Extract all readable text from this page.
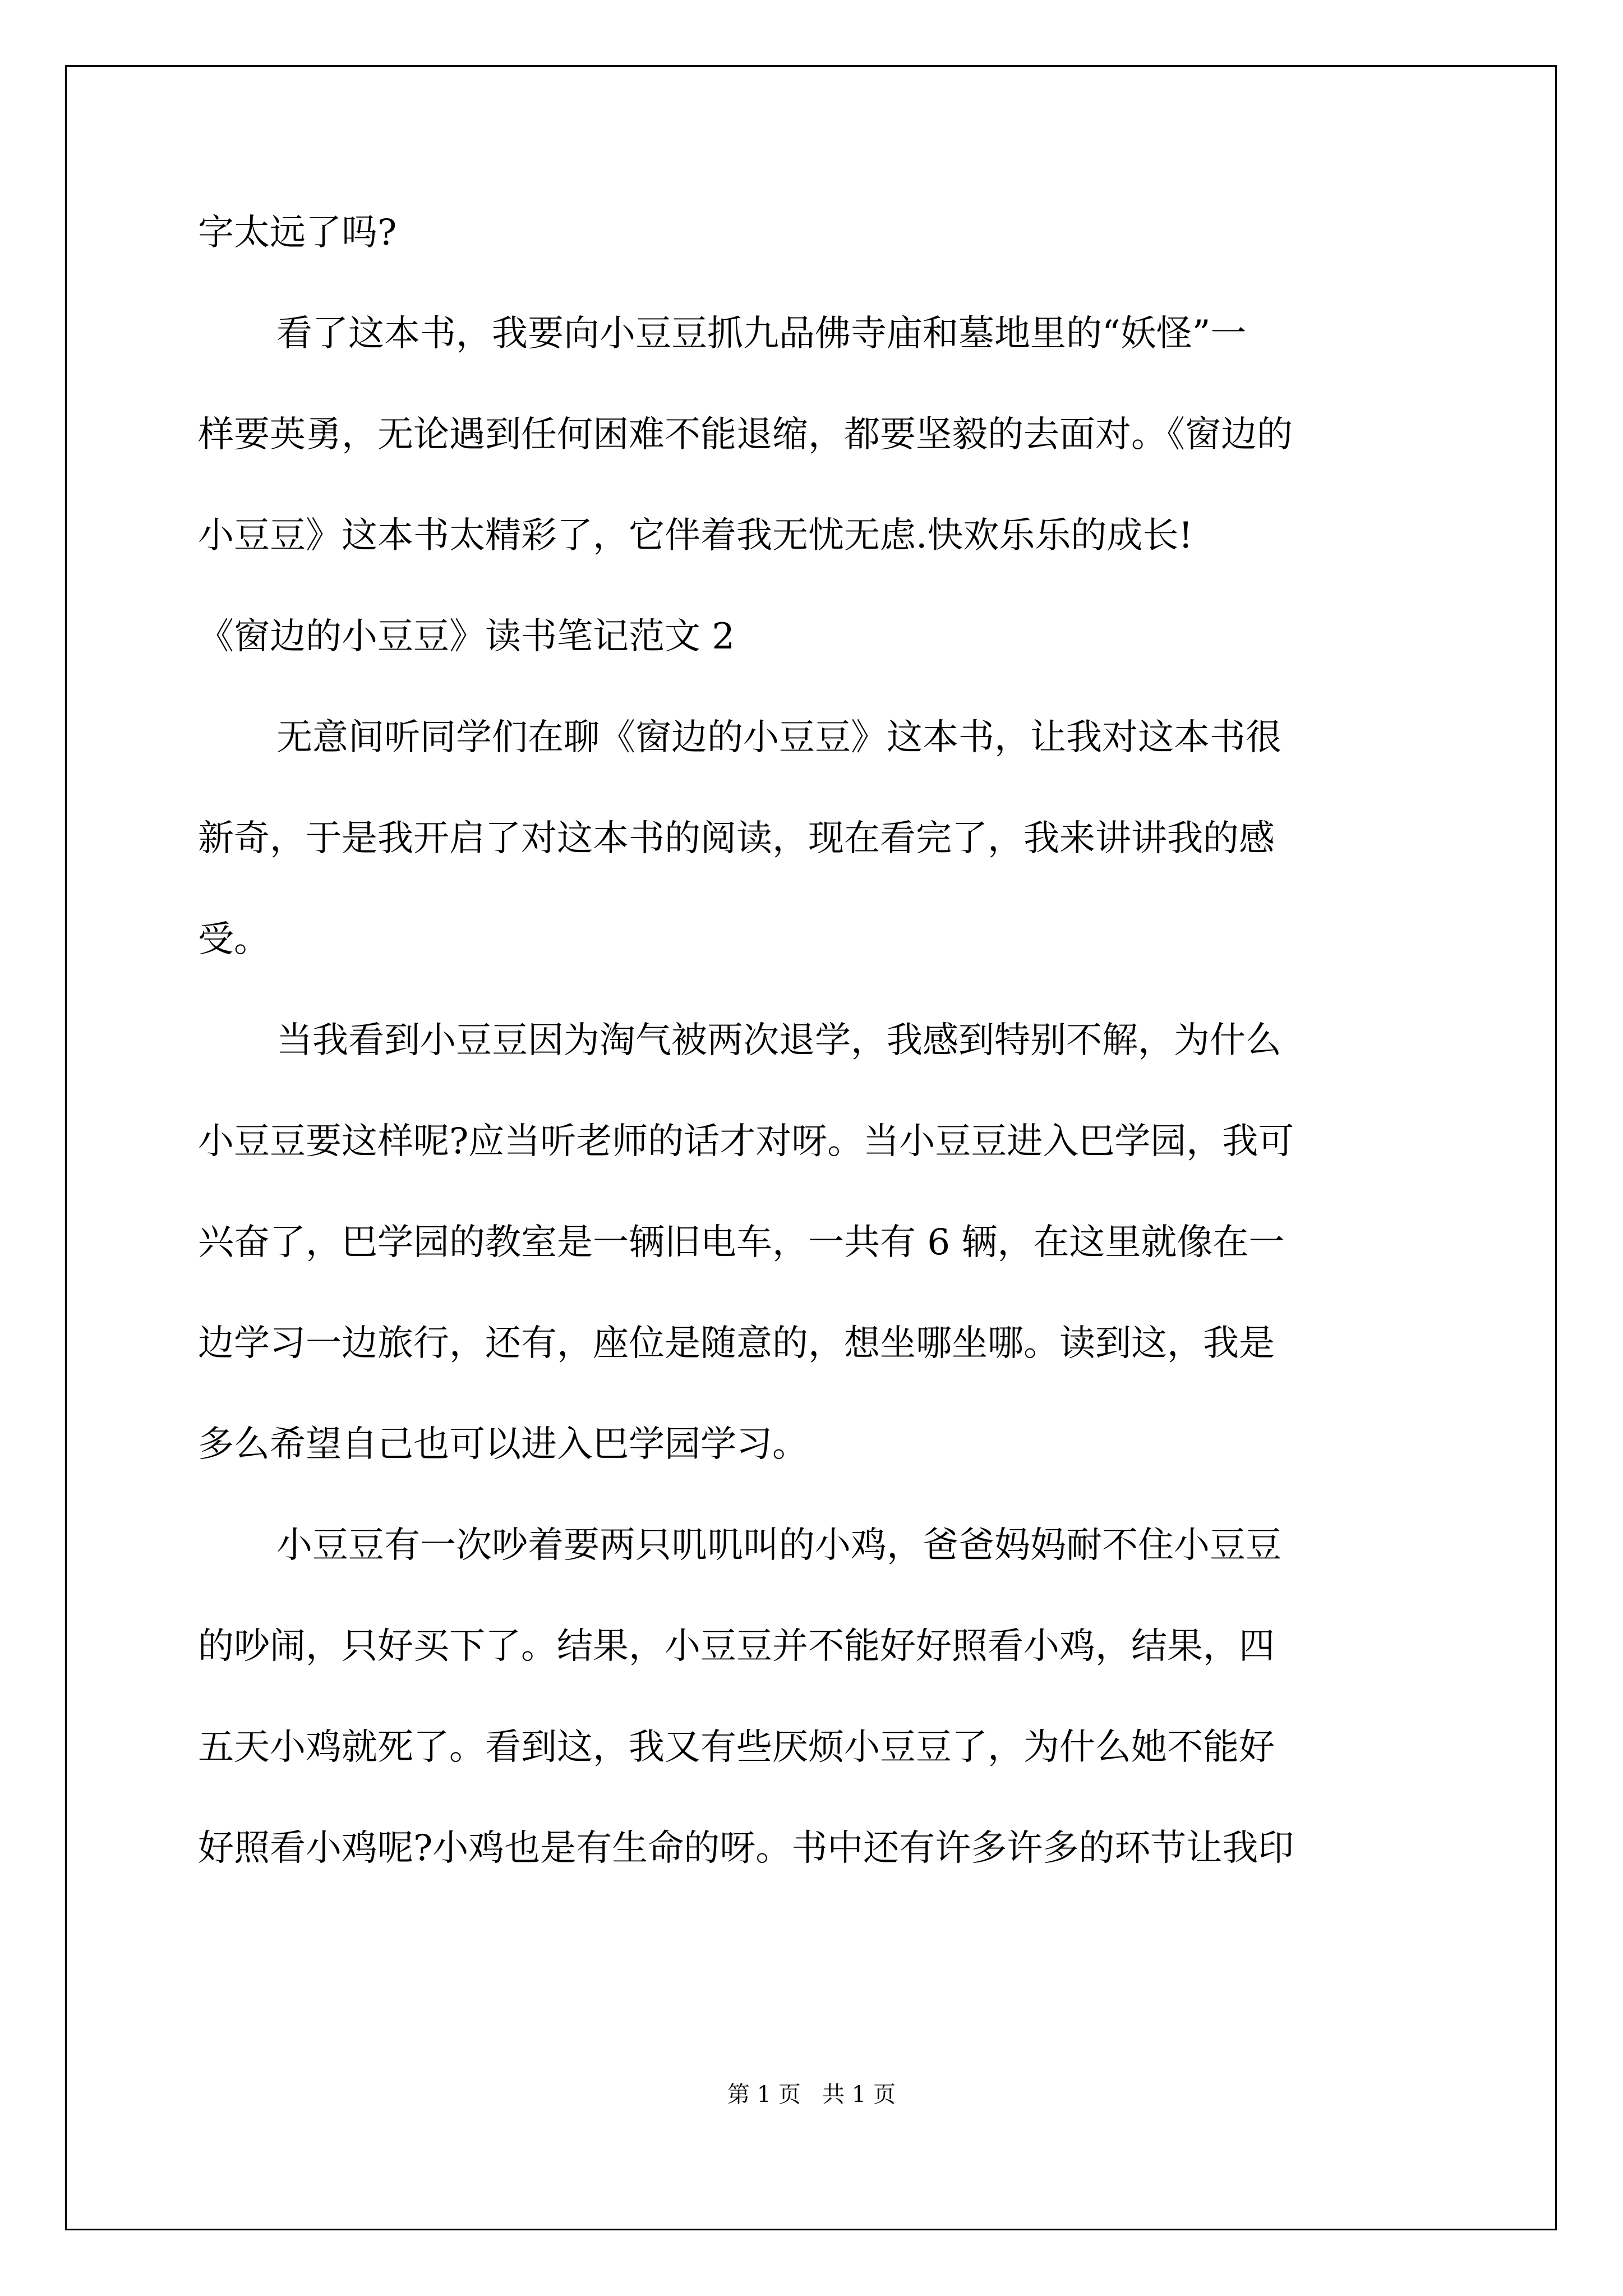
字太远了吗?

看了这本书，我要向小豆豆抓九品佛寺庙和墓地里的“妖怪”一

样要英勇，无论遇到任何困难不能退缩，都要坚毅的去面对。《窗边的

小豆豆》这本书太精彩了，它伴着我无忧无虑.快欢乐乐的成长!

《窗边的小豆豆》读书笔记范文 2

无意间听同学们在聊《窗边的小豆豆》这本书，让我对这本书很

新奇，于是我开启了对这本书的阅读，现在看完了，我来讲讲我的感

受。

当我看到小豆豆因为淘气被两次退学，我感到特别不解，为什么

小豆豆要这样呢?应当听老师的话才对呀。当小豆豆进入巴学园，我可

兴奋了，巴学园的教室是一辆旧电车，一共有 6 辆，在这里就像在一

边学习一边旅行，还有，座位是随意的，想坐哪坐哪。读到这，我是

多么希望自己也可以进入巴学园学习。

小豆豆有一次吵着要两只叽叽叫的小鸡，爸爸妈妈耐不住小豆豆

的吵闹，只好买下了。结果，小豆豆并不能好好照看小鸡，结果，四

五天小鸡就死了。看到这，我又有些厌烦小豆豆了，为什么她不能好

好照看小鸡呢?小鸡也是有生命的呀。书中还有许多许多的环节让我印

第 1 页   共 1 页
